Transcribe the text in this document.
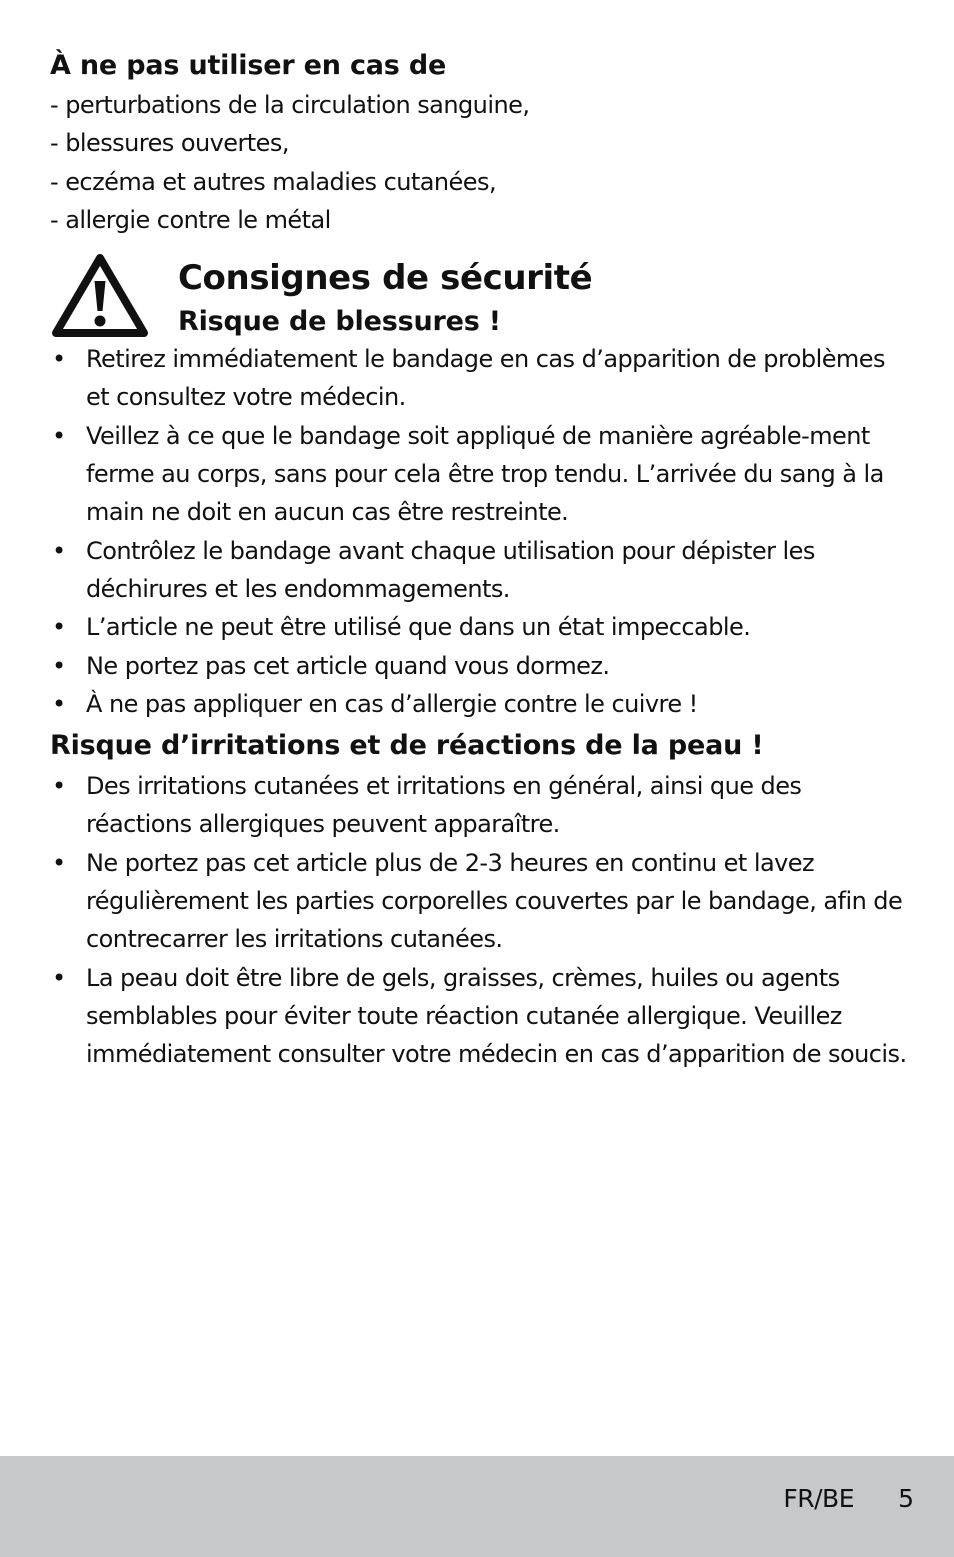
À ne pas utiliser en cas de
- perturbations de la circulation sanguine,
- blessures ouvertes,
- eczéma et autres maladies cutanées,
- allergie contre le métal
Consignes de sécurité
Risque de blessures !
• Retirez immédiatement le bandage en cas d’apparition de problèmes et consultez votre médecin.
• Veillez à ce que le bandage soit appliqué de manière agréable-ment ferme au corps, sans pour cela être trop tendu. L’arrivée du sang à la main ne doit en aucun cas être restreinte.
• Contrôlez le bandage avant chaque utilisation pour dépister les déchirures et les endommagements.
• L’article ne peut être utilisé que dans un état impeccable.
• Ne portez pas cet article quand vous dormez.
• À ne pas appliquer en cas d’allergie contre le cuivre !
Risque d’irritations et de réactions de la peau !
• Des irritations cutanées et irritations en général, ainsi que des réactions allergiques peuvent apparaître.
• Ne portez pas cet article plus de 2-3 heures en continu et lavez régulièrement les parties corporelles couvertes par le bandage, afin de contrecarrer les irritations cutanées.
• La peau doit être libre de gels, graisses, crèmes, huiles ou agents semblables pour éviter toute réaction cutanée allergique. Veuillez immédiatement consulter votre médecin en cas d’apparition de soucis.
FR/BE 5
